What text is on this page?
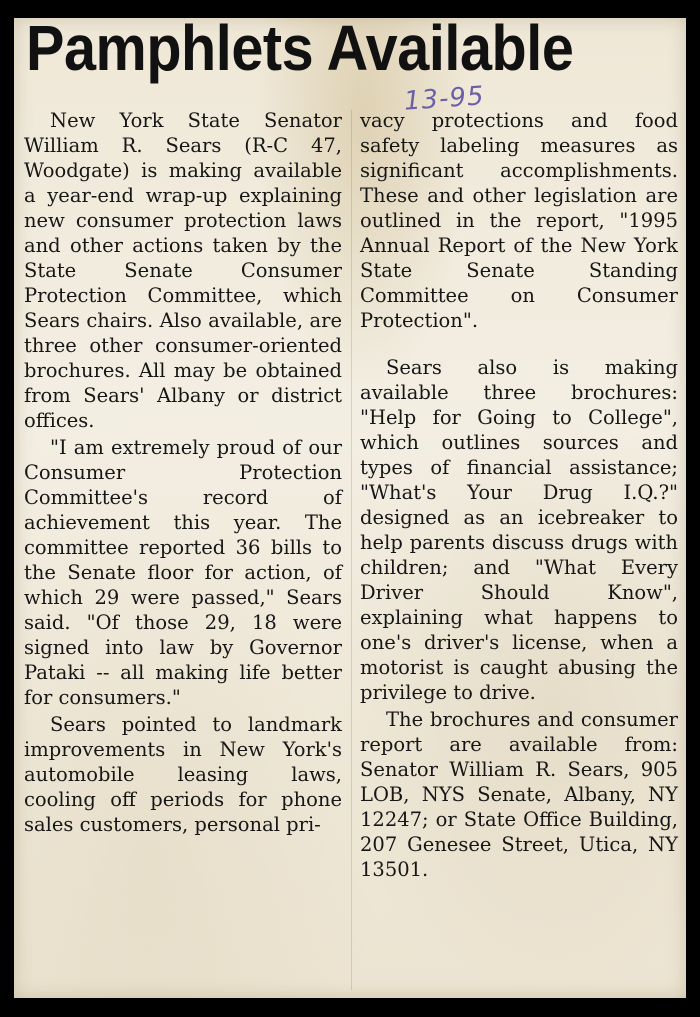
Pamphlets Available
13-95

New York State Senator William R. Sears (R-C 47, Woodgate) is making available a year-end wrap-up explaining new consumer protection laws and other actions taken by the State Senate Consumer Protection Committee, which Sears chairs. Also available, are three other consumer-oriented brochures. All may be obtained from Sears' Albany or district offices.

"I am extremely proud of our Consumer Protection Committee's record of achievement this year. The committee reported 36 bills to the Senate floor for action, of which 29 were passed," Sears said. "Of those 29, 18 were signed into law by Governor Pataki -- all making life better for consumers."

Sears pointed to landmark improvements in New York's automobile leasing laws, cooling off periods for phone sales customers, personal pri-

vacy protections and food safety labeling measures as significant accomplishments. These and other legislation are outlined in the report, "1995 Annual Report of the New York State Senate Standing Committee on Consumer Protection".

Sears also is making available three brochures: "Help for Going to College", which outlines sources and types of financial assistance; "What's Your Drug I.Q.?" designed as an icebreaker to help parents discuss drugs with children; and "What Every Driver Should Know", explaining what happens to one's driver's license, when a motorist is caught abusing the privilege to drive.

The brochures and consumer report are available from: Senator William R. Sears, 905 LOB, NYS Senate, Albany, NY 12247; or State Office Building, 207 Genesee Street, Utica, NY 13501.
